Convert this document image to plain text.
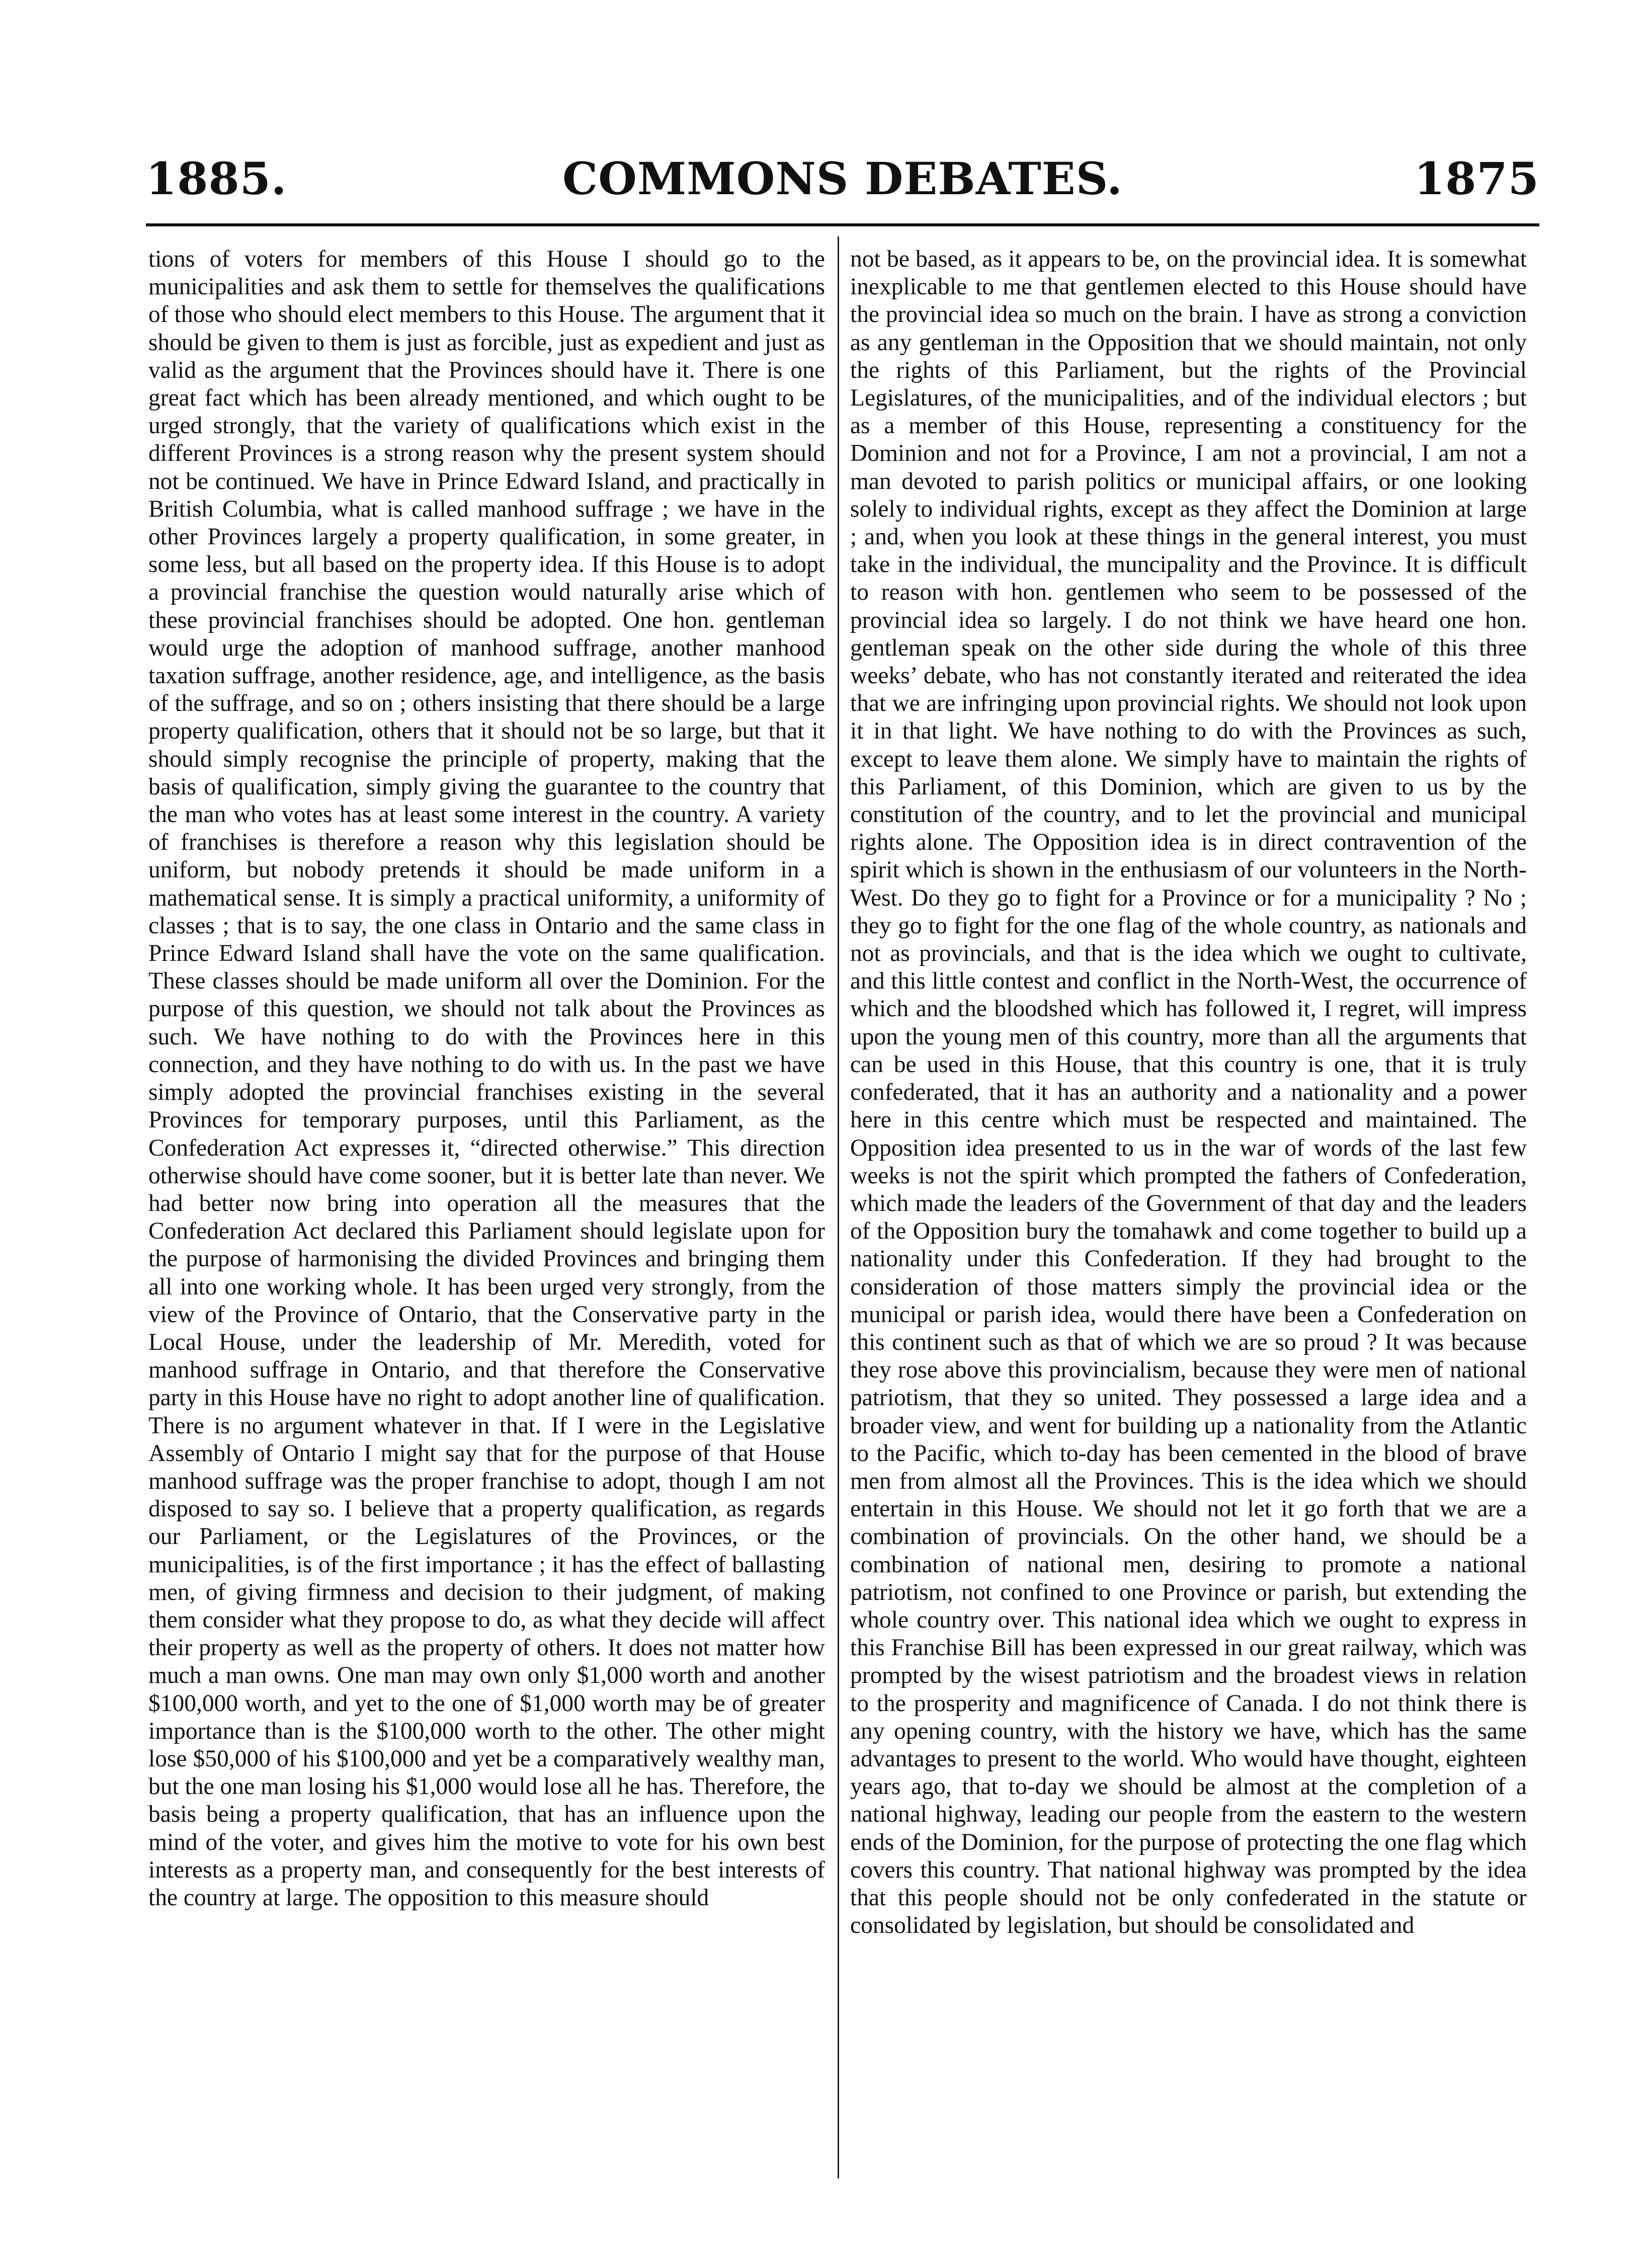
1885.	COMMONS DEBATES.	1875

tions of voters for members of this House I should go to the municipalities and ask them to settle for themselves the qualifications of those who should elect members to this House. The argument that it should be given to them is just as forcible, just as expedient and just as valid as the argument that the Provinces should have it. There is one great fact which has been already mentioned, and which ought to be urged strongly, that the variety of qualifications which exist in the different Provinces is a strong reason why the present system should not be continued. We have in Prince Edward Island, and practically in British Columbia, what is called manhood suffrage ; we have in the other Provinces largely a property qualification, in some greater, in some less, but all based on the property idea. If this House is to adopt a provincial franchise the question would naturally arise which of these provincial franchises should be adopted. One hon. gentleman would urge the adoption of manhood suffrage, another manhood taxation suffrage, another residence, age, and intelligence, as the basis of the suffrage, and so on ; others insisting that there should be a large property qualification, others that it should not be so large, but that it should simply recognise the principle of property, making that the basis of qualification, simply giving the guarantee to the country that the man who votes has at least some interest in the country. A variety of franchises is therefore a reason why this legislation should be uniform, but nobody pretends it should be made uniform in a mathematical sense. It is simply a practical uniformity, a uniformity of classes ; that is to say, the one class in Ontario and the same class in Prince Edward Island shall have the vote on the same qualification. These classes should be made uniform all over the Dominion. For the purpose of this question, we should not talk about the Provinces as such. We have nothing to do with the Provinces here in this connection, and they have nothing to do with us. In the past we have simply adopted the provincial franchises existing in the several Provinces for temporary purposes, until this Parliament, as the Confederation Act expresses it, “directed otherwise.” This direction otherwise should have come sooner, but it is better late than never. We had better now bring into operation all the measures that the Confederation Act declared this Parliament should legislate upon for the purpose of harmonising the divided Provinces and bringing them all into one working whole. It has been urged very strongly, from the view of the Province of Ontario, that the Conservative party in the Local House, under the leadership of Mr. Meredith, voted for manhood suffrage in Ontario, and that therefore the Conservative party in this House have no right to adopt another line of qualification. There is no argument whatever in that. If I were in the Legislative Assembly of Ontario I might say that for the purpose of that House manhood suffrage was the proper franchise to adopt, though I am not disposed to say so. I believe that a property qualification, as regards our Parliament, or the Legislatures of the Provinces, or the municipalities, is of the first importance ; it has the effect of ballasting men, of giving firmness and decision to their judgment, of making them consider what they propose to do, as what they decide will affect their property as well as the property of others. It does not matter how much a man owns. One man may own only $1,000 worth and another $100,000 worth, and yet to the one of $1,000 worth may be of greater importance than is the $100,000 worth to the other. The other might lose $50,000 of his $100,000 and yet be a comparatively wealthy man, but the one man losing his $1,000 would lose all he has. Therefore, the basis being a property qualification, that has an influence upon the mind of the voter, and gives him the motive to vote for his own best interests as a property man, and consequently for the best interests of the country at large. The opposition to this measure should

not be based, as it appears to be, on the provincial idea. It is somewhat inexplicable to me that gentlemen elected to this House should have the provincial idea so much on the brain. I have as strong a conviction as any gentleman in the Opposition that we should maintain, not only the rights of this Parliament, but the rights of the Provincial Legislatures, of the municipalities, and of the individual electors ; but as a member of this House, representing a constituency for the Dominion and not for a Province, I am not a provincial, I am not a man devoted to parish politics or municipal affairs, or one looking solely to individual rights, except as they affect the Dominion at large ; and, when you look at these things in the general interest, you must take in the individual, the muncipality and the Province. It is difficult to reason with hon. gentlemen who seem to be possessed of the provincial idea so largely. I do not think we have heard one hon. gentleman speak on the other side during the whole of this three weeks’ debate, who has not constantly iterated and reiterated the idea that we are infringing upon provincial rights. We should not look upon it in that light. We have nothing to do with the Provinces as such, except to leave them alone. We simply have to maintain the rights of this Parliament, of this Dominion, which are given to us by the constitution of the country, and to let the provincial and municipal rights alone. The Opposition idea is in direct contravention of the spirit which is shown in the enthusiasm of our volunteers in the North-West. Do they go to fight for a Province or for a municipality ? No ; they go to fight for the one flag of the whole country, as nationals and not as provincials, and that is the idea which we ought to cultivate, and this little contest and conflict in the North-West, the occurrence of which and the bloodshed which has followed it, I regret, will impress upon the young men of this country, more than all the arguments that can be used in this House, that this country is one, that it is truly confederated, that it has an authority and a nationality and a power here in this centre which must be respected and maintained. The Opposition idea presented to us in the war of words of the last few weeks is not the spirit which prompted the fathers of Confederation, which made the leaders of the Government of that day and the leaders of the Opposition bury the tomahawk and come together to build up a nationality under this Confederation. If they had brought to the consideration of those matters simply the provincial idea or the municipal or parish idea, would there have been a Confederation on this continent such as that of which we are so proud ? It was because they rose above this provincialism, because they were men of national patriotism, that they so united. They possessed a large idea and a broader view, and went for building up a nationality from the Atlantic to the Pacific, which to-day has been cemented in the blood of brave men from almost all the Provinces. This is the idea which we should entertain in this House. We should not let it go forth that we are a combination of provincials. On the other hand, we should be a combination of national men, desiring to promote a national patriotism, not confined to one Province or parish, but extending the whole country over. This national idea which we ought to express in this Franchise Bill has been expressed in our great railway, which was prompted by the wisest patriotism and the broadest views in relation to the prosperity and magnificence of Canada. I do not think there is any opening country, with the history we have, which has the same advantages to present to the world. Who would have thought, eighteen years ago, that to-day we should be almost at the completion of a national highway, leading our people from the eastern to the western ends of the Dominion, for the purpose of protecting the one flag which covers this country. That national highway was prompted by the idea that this people should not be only confederated in the statute or consolidated by legislation, but should be consolidated and
